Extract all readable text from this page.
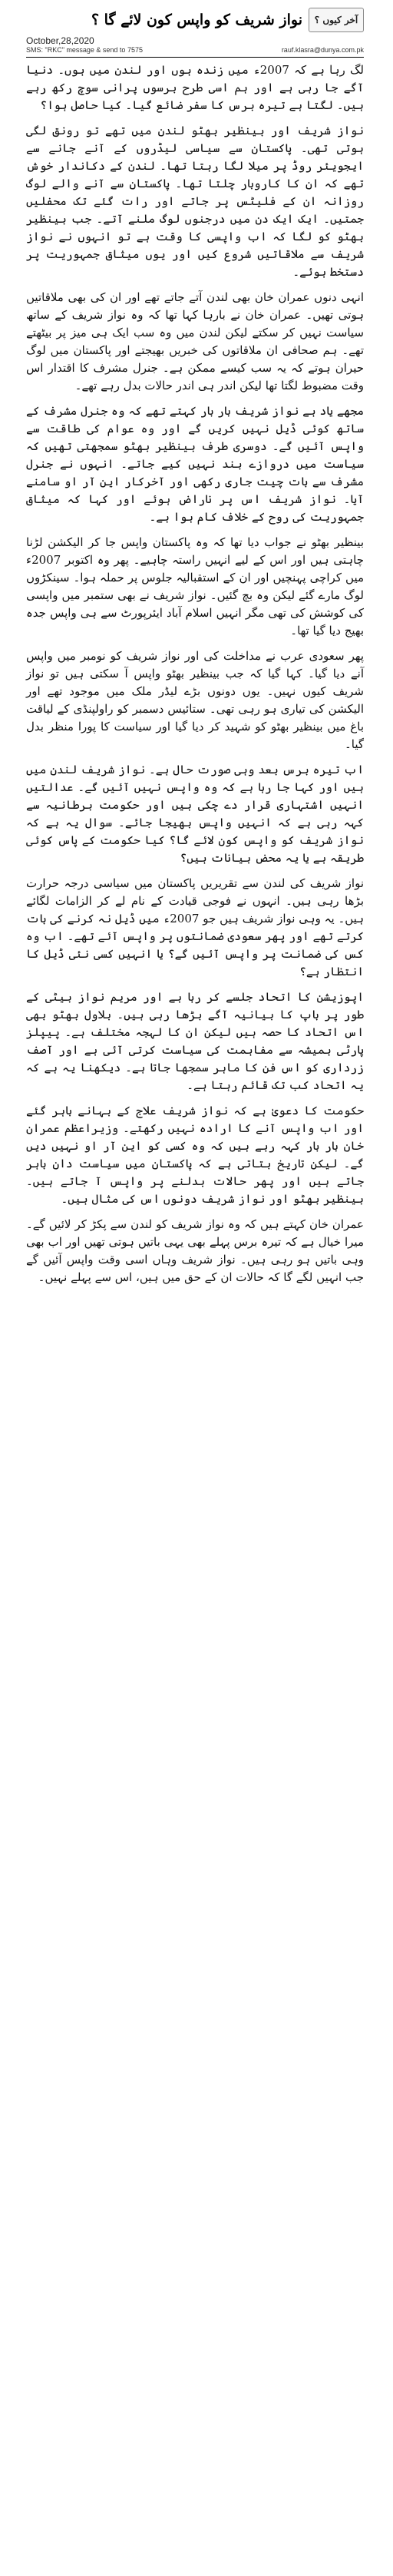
آخر کیوں ؟
نواز شریف کو واپس کون لائے گا ؟
October,28,2020
SMS: "RKC" message & send to 7575	rauf.klasra@dunya.com.pk

لگ رہا ہے کہ 2007ء میں زندہ ہوں اور لندن میں ہوں۔ دنیا آگے جا رہی ہے اور ہم اسی طرح برسوں پرانی سوچ رکھ رہے ہیں۔ لگتا ہے تیرہ برس کا سفر ضائع گیا۔ کیا حاصل ہوا؟

نواز شریف اور بینظیر بھٹو لندن میں تھے تو رونق لگی ہوتی تھی۔ پاکستان سے سیاسی لیڈروں کے آنے جانے سے ایجویئر روڈ پر میلا لگا رہتا تھا۔ لندن کے دکاندار خوش تھے کہ ان کا کاروبار چلتا تھا۔ پاکستان سے آنے والے لوگ روزانہ ان کے فلیٹس پر جاتے اور رات گئے تک محفلیں جمتیں۔ ایک ایک دن میں درجنوں لوگ ملنے آتے۔ جب بینظیر بھٹو کو لگا کہ اب واپسی کا وقت ہے تو انہوں نے نواز شریف سے ملاقاتیں شروع کیں اور یوں میثاق جمہوریت پر دستخط ہوئے۔

انہی دنوں عمران خان بھی لندن آتے جاتے تھے اور ان کی بھی ملاقاتیں ہوتی تھیں۔ عمران خان نے بارہا کہا تھا کہ وہ نواز شریف کے ساتھ سیاست نہیں کر سکتے لیکن لندن میں وہ سب ایک ہی میز پر بیٹھتے تھے۔ ہم صحافی ان ملاقاتوں کی خبریں بھیجتے اور پاکستان میں لوگ حیران ہوتے کہ یہ سب کیسے ممکن ہے۔ جنرل مشرف کا اقتدار اس وقت مضبوط لگتا تھا لیکن اندر ہی اندر حالات بدل رہے تھے۔

مجھے یاد ہے نواز شریف بار بار کہتے تھے کہ وہ جنرل مشرف کے ساتھ کوئی ڈیل نہیں کریں گے اور وہ عوام کی طاقت سے واپس آئیں گے۔ دوسری طرف بینظیر بھٹو سمجھتی تھیں کہ سیاست میں دروازے بند نہیں کیے جاتے۔ انہوں نے جنرل مشرف سے بات چیت جاری رکھی اور آخرکار این آر او سامنے آیا۔ نواز شریف اس پر ناراض ہوئے اور کہا کہ میثاق جمہوریت کی روح کے خلاف کام ہوا ہے۔

بینظیر بھٹو نے جواب دیا تھا کہ وہ پاکستان واپس جا کر الیکشن لڑنا چاہتی ہیں اور اس کے لیے انہیں راستہ چاہیے۔ پھر وہ اکتوبر 2007ء میں کراچی پہنچیں اور ان کے استقبالیہ جلوس پر حملہ ہوا۔ سینکڑوں لوگ مارے گئے لیکن وہ بچ گئیں۔ نواز شریف نے بھی ستمبر میں واپسی کی کوشش کی تھی مگر انہیں اسلام آباد ایئرپورٹ سے ہی واپس جدہ بھیج دیا گیا تھا۔

پھر سعودی عرب نے مداخلت کی اور نواز شریف کو نومبر میں واپس آنے دیا گیا۔ کہا گیا کہ جب بینظیر بھٹو واپس آ سکتی ہیں تو نواز شریف کیوں نہیں۔ یوں دونوں بڑے لیڈر ملک میں موجود تھے اور الیکشن کی تیاری ہو رہی تھی۔ ستائیس دسمبر کو راولپنڈی کے لیاقت باغ میں بینظیر بھٹو کو شہید کر دیا گیا اور سیاست کا پورا منظر بدل گیا۔

اب تیرہ برس بعد وہی صورت حال ہے۔ نواز شریف لندن میں ہیں اور کہا جا رہا ہے کہ وہ واپس نہیں آئیں گے۔ عدالتیں انہیں اشتہاری قرار دے چکی ہیں اور حکومت برطانیہ سے کہہ رہی ہے کہ انہیں واپس بھیجا جائے۔ سوال یہ ہے کہ نواز شریف کو واپس کون لائے گا؟ کیا حکومت کے پاس کوئی طریقہ ہے یا یہ محض بیانات ہیں؟

نواز شریف کی لندن سے تقریریں پاکستان میں سیاسی درجہ حرارت بڑھا رہی ہیں۔ انہوں نے فوجی قیادت کے نام لے کر الزامات لگائے ہیں۔ یہ وہی نواز شریف ہیں جو 2007ء میں ڈیل نہ کرنے کی بات کرتے تھے اور پھر سعودی ضمانتوں پر واپس آئے تھے۔ اب وہ کس کی ضمانت پر واپس آئیں گے؟ یا انہیں کسی نئی ڈیل کا انتظار ہے؟

اپوزیشن کا اتحاد جلسے کر رہا ہے اور مریم نواز بیٹی کے طور پر باپ کا بیانیہ آگے بڑھا رہی ہیں۔ بلاول بھٹو بھی اس اتحاد کا حصہ ہیں لیکن ان کا لہجہ مختلف ہے۔ پیپلز پارٹی ہمیشہ سے مفاہمت کی سیاست کرتی آئی ہے اور آصف زرداری کو اس فن کا ماہر سمجھا جاتا ہے۔ دیکھنا یہ ہے کہ یہ اتحاد کب تک قائم رہتا ہے۔

حکومت کا دعویٰ ہے کہ نواز شریف علاج کے بہانے باہر گئے اور اب واپس آنے کا ارادہ نہیں رکھتے۔ وزیراعظم عمران خان بار بار کہہ رہے ہیں کہ وہ کسی کو این آر او نہیں دیں گے۔ لیکن تاریخ بتاتی ہے کہ پاکستان میں سیاست دان باہر جاتے ہیں اور پھر حالات بدلنے پر واپس آ جاتے ہیں۔ بینظیر بھٹو اور نواز شریف دونوں اس کی مثال ہیں۔

عمران خان کہتے ہیں کہ وہ نواز شریف کو لندن سے پکڑ کر لائیں گے۔ میرا خیال ہے کہ تیرہ برس پہلے بھی یہی باتیں ہوتی تھیں اور اب بھی وہی باتیں ہو رہی ہیں۔ نواز شریف وہاں اسی وقت واپس آئیں گے جب انہیں لگے گا کہ حالات ان کے حق میں ہیں، اس سے پہلے نہیں۔
